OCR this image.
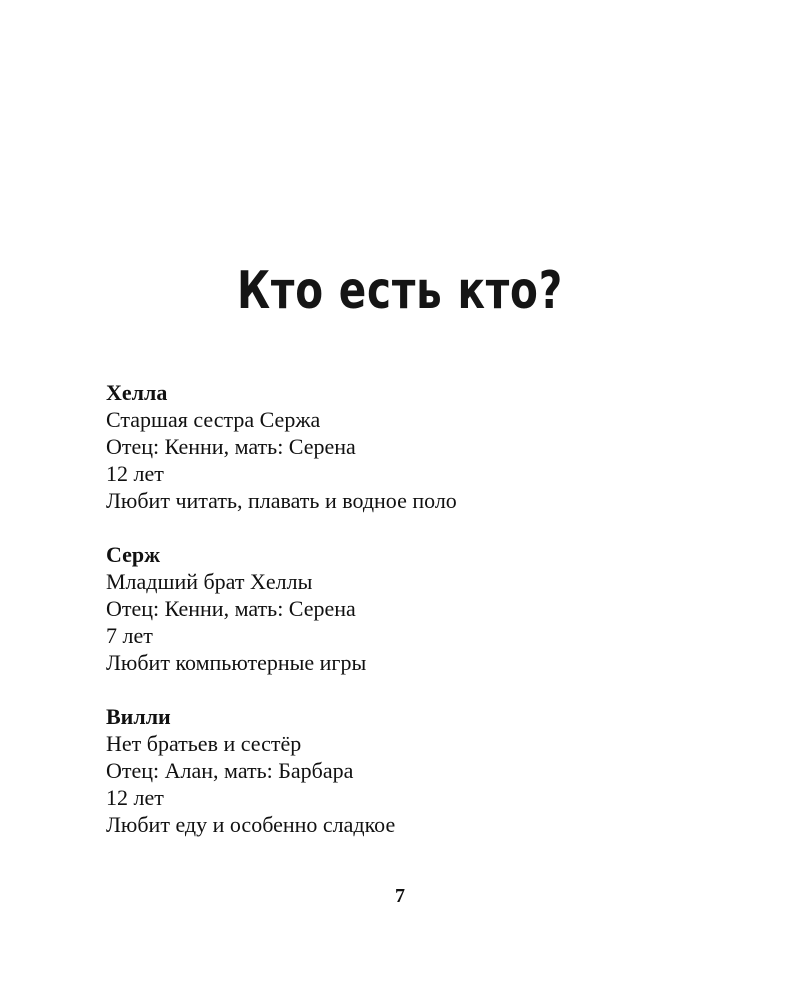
Кто есть кто?
Хелла
Старшая сестра Сержа
Отец: Кенни, мать: Серена
12 лет
Любит читать, плавать и водное поло
Серж
Младший брат Хеллы
Отец: Кенни, мать: Серена
7 лет
Любит компьютерные игры
Вилли
Нет братьев и сестёр
Отец: Алан, мать: Барбара
12 лет
Любит еду и особенно сладкое
7
